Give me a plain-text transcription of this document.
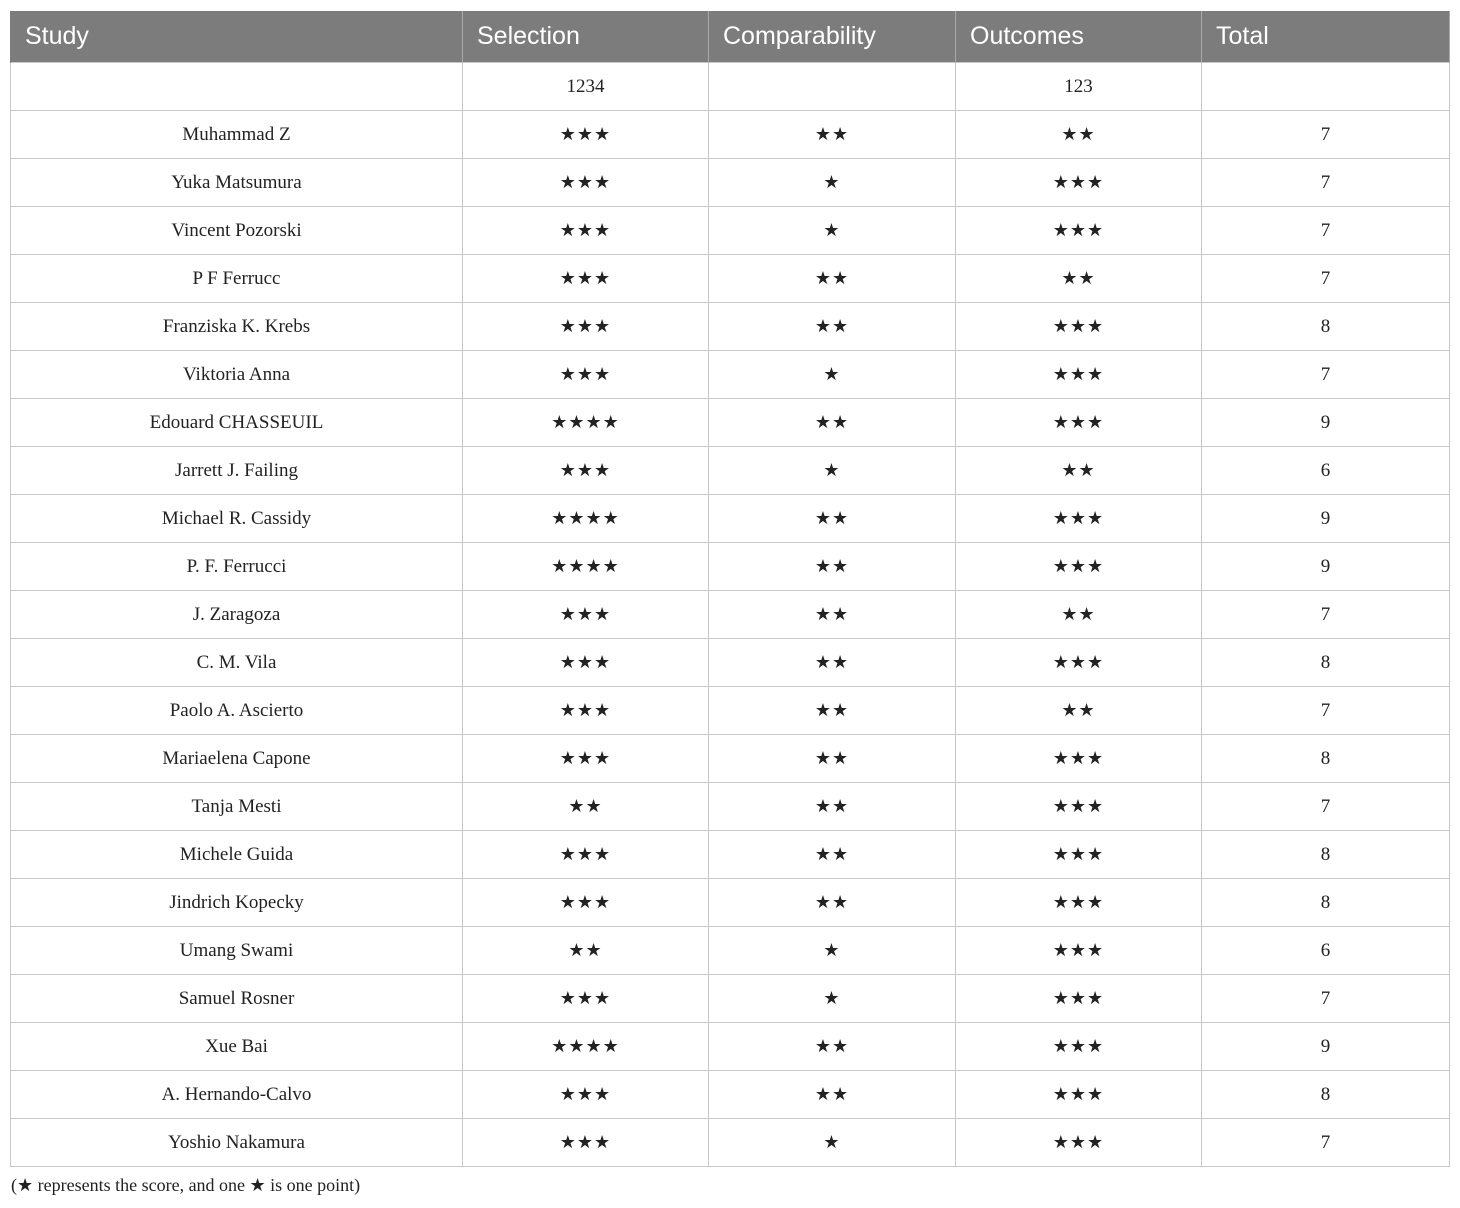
Study	Selection	Comparability	Outcomes	Total
	1234		123	
Muhammad Z	★★★	★★	★★	7
Yuka Matsumura	★★★	★	★★★	7
Vincent Pozorski	★★★	★	★★★	7
P F Ferrucc	★★★	★★	★★	7
Franziska K. Krebs	★★★	★★	★★★	8
Viktoria Anna	★★★	★	★★★	7
Edouard CHASSEUIL	★★★★	★★	★★★	9
Jarrett J. Failing	★★★	★	★★	6
Michael R. Cassidy	★★★★	★★	★★★	9
P. F. Ferrucci	★★★★	★★	★★★	9
J. Zaragoza	★★★	★★	★★	7
C. M. Vila	★★★	★★	★★★	8
Paolo A. Ascierto	★★★	★★	★★	7
Mariaelena Capone	★★★	★★	★★★	8
Tanja Mesti	★★	★★	★★★	7
Michele Guida	★★★	★★	★★★	8
Jindrich Kopecky	★★★	★★	★★★	8
Umang Swami	★★	★	★★★	6
Samuel Rosner	★★★	★	★★★	7
Xue Bai	★★★★	★★	★★★	9
A. Hernando-Calvo	★★★	★★	★★★	8
Yoshio Nakamura	★★★	★	★★★	7
(★ represents the score, and one ★ is one point)
